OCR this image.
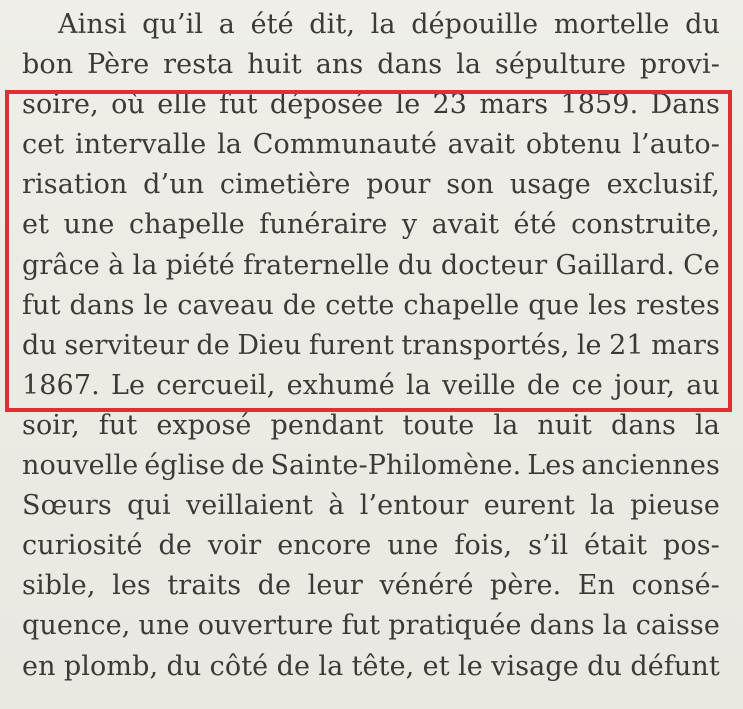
Ainsi qu’il a été dit, la dépouille mortelle du
bon Père resta huit ans dans la sépulture provi-
soire, où elle fut déposée le 23 mars 1859. Dans
cet intervalle la Communauté avait obtenu l’auto-
risation d’un cimetière pour son usage exclusif,
et une chapelle funéraire y avait été construite,
grâce à la piété fraternelle du docteur Gaillard. Ce
fut dans le caveau de cette chapelle que les restes
du serviteur de Dieu furent transportés, le 21 mars
1867. Le cercueil, exhumé la veille de ce jour, au
soir, fut exposé pendant toute la nuit dans la
nouvelle église de Sainte-Philomène. Les anciennes
Sœurs qui veillaient à l’entour eurent la pieuse
curiosité de voir encore une fois, s’il était pos-
sible, les traits de leur vénéré père. En consé-
quence, une ouverture fut pratiquée dans la caisse
en plomb, du côté de la tête, et le visage du défunt
